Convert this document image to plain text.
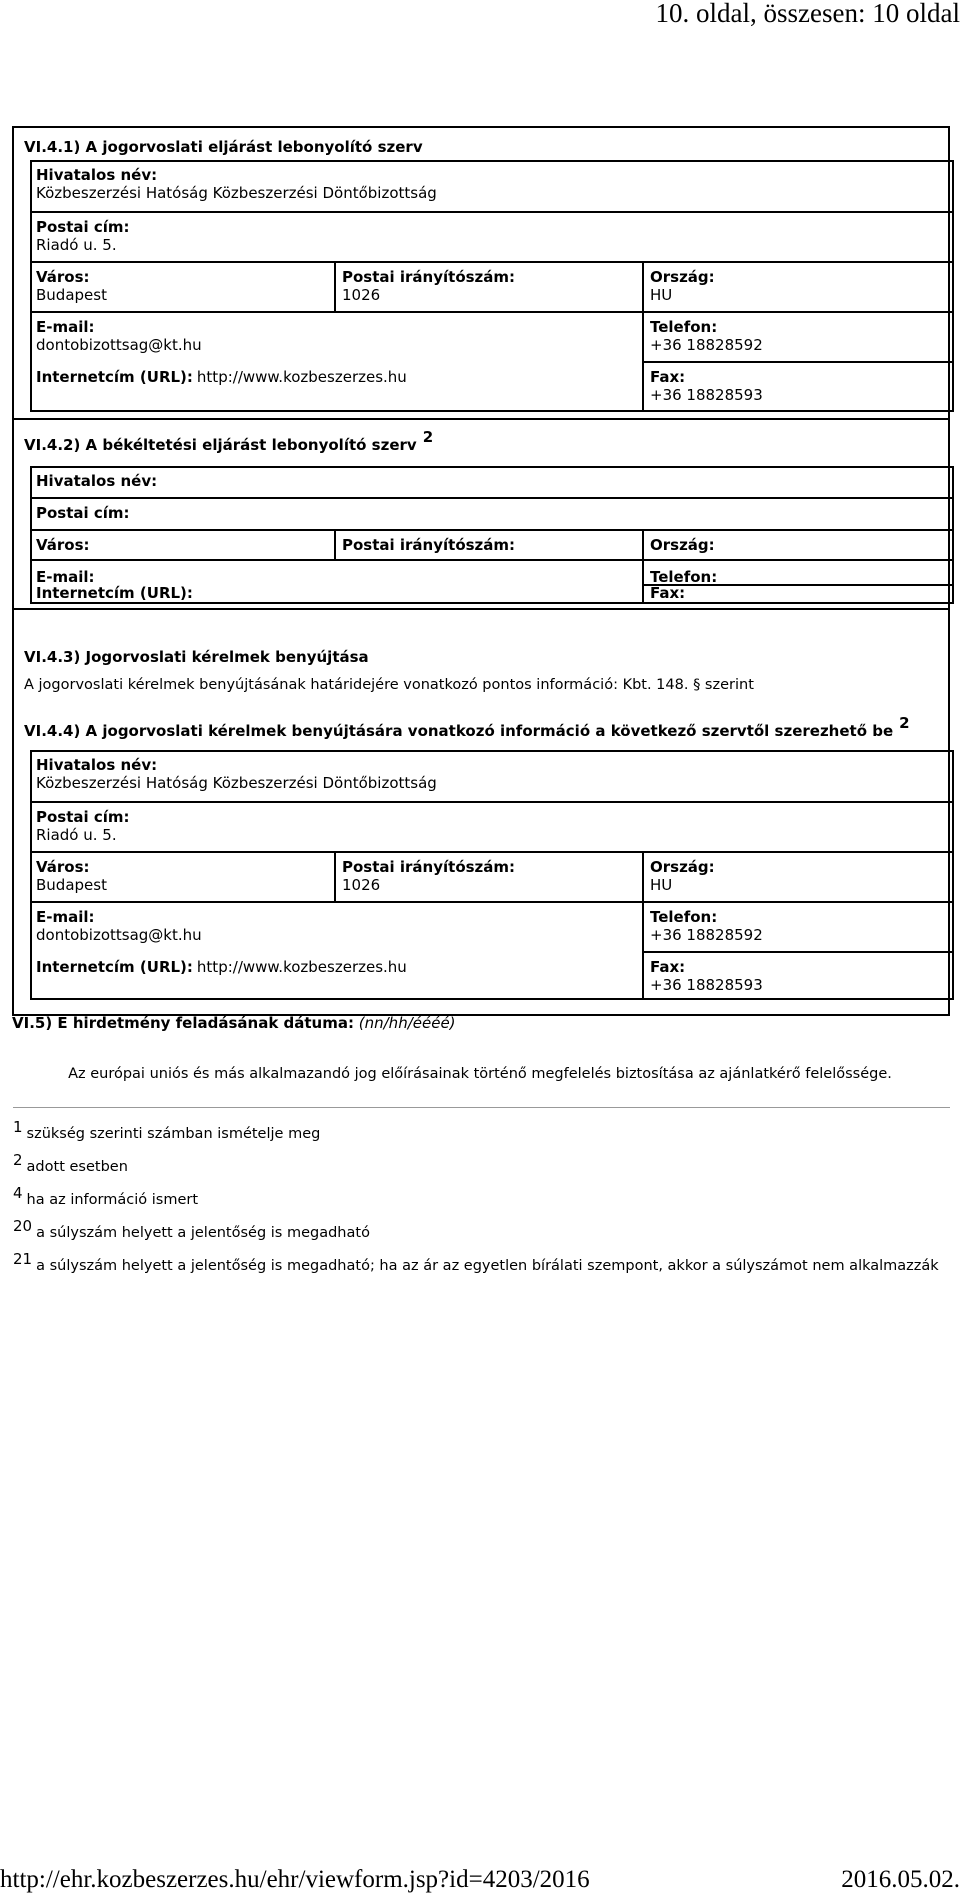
10. oldal, összesen: 10 oldal
VI.4.1) A jogorvoslati eljárást lebonyolító szerv
Hivatalos név:
Közbeszerzési Hatóság Közbeszerzési Döntőbizottság
Postai cím:
Riadó u. 5.
Város:
Budapest
Postai irányítószám:
1026
Ország:
HU
E-mail:
dontobizottsag@kt.hu
Telefon:
+36 18828592
Internetcím (URL): http://www.kozbeszerzes.hu	Fax:
+36 18828593
VI.4.2) A békéltetési eljárást lebonyolító szerv 2
Hivatalos név:
Postai cím:
Város:	Postai irányítószám:	Ország:
E-mail:	Telefon:
Internetcím (URL):	Fax:
VI.4.3) Jogorvoslati kérelmek benyújtása
A jogorvoslati kérelmek benyújtásának határidejére vonatkozó pontos információ: Kbt. 148. § szerint
VI.4.4) A jogorvoslati kérelmek benyújtására vonatkozó információ a következő szervtől szerezhető be 2
Hivatalos név:
Közbeszerzési Hatóság Közbeszerzési Döntőbizottság
Postai cím:
Riadó u. 5.
Város:
Budapest
Postai irányítószám:
1026
Ország:
HU
E-mail:
dontobizottsag@kt.hu
Telefon:
+36 18828592
Internetcím (URL): http://www.kozbeszerzes.hu	Fax:
+36 18828593
VI.5) E hirdetmény feladásának dátuma: (nn/hh/éééé)
Az európai uniós és más alkalmazandó jog előírásainak történő megfelelés biztosítása az ajánlatkérő felelőssége.
$^1$ szükség szerinti számban ismételje meg
$^2$ adott esetben
$^4$ ha az információ ismert
$^{20}$ a súlyszám helyett a jelentőség is megadható
$^{21}$ a súlyszám helyett a jelentőség is megadható; ha az ár az egyetlen bírálati szempont, akkor a súlyszámot nem alkalmazzák
http://ehr.kozbeszerzes.hu/ehr/viewform.jsp?id=4203/2016	2016.05.02.
